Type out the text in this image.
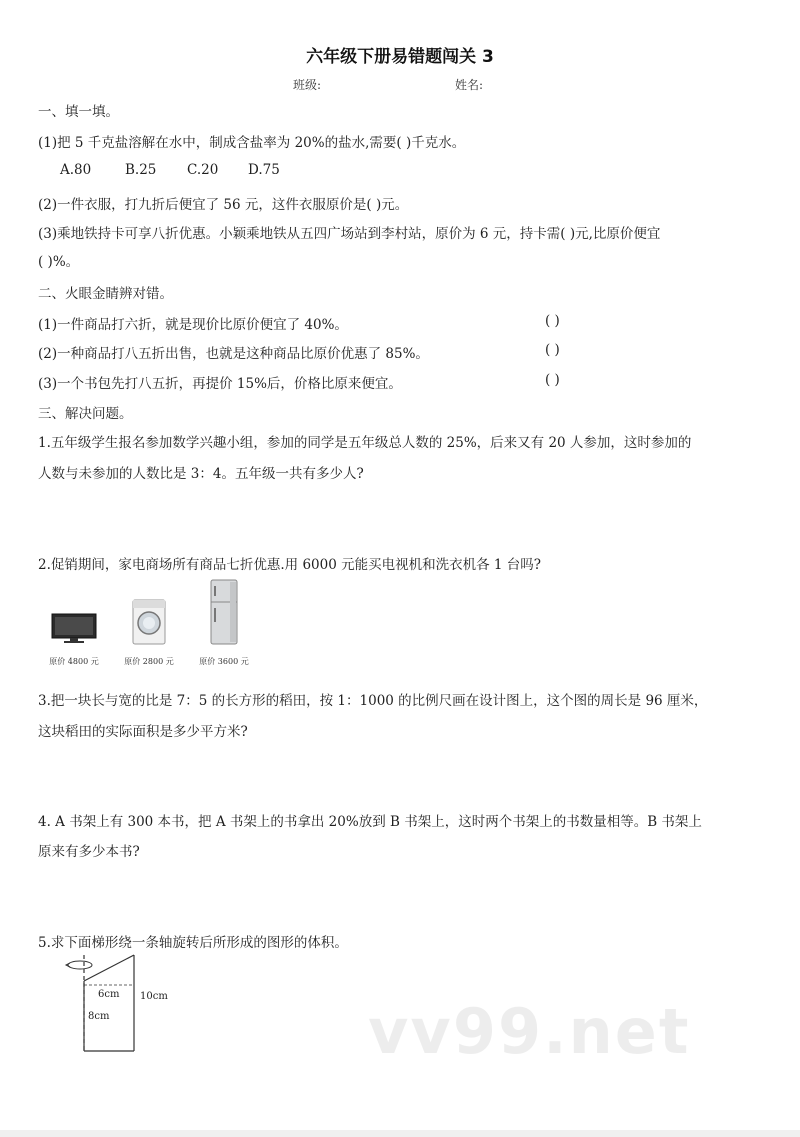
六年级下册易错题闯关 3
班级:	姓名:
一、填一填。
(1)把 5 千克盐溶解在水中，制成含盐率为 20%的盐水,需要( )千克水。
A.80	B.25 C.20 D.75
(2)一件衣服，打九折后便宜了 56 元，这件衣服原价是( )元。
(3)乘地铁持卡可享八折优惠。小颖乘地铁从五四广场站到李村站，原价为 6 元，持卡需( )元,比原价便宜
( )%。
二、火眼金睛辨对错。
(1)一件商品打六折，就是现价比原价便宜了 40%。	( )
(2)一种商品打八五折出售，也就是这种商品比原价优惠了 85%。	( )
(3)一个书包先打八五折，再提价 15%后，价格比原来便宜。	( )
三、解决问题。
1.五年级学生报名参加数学兴趣小组，参加的同学是五年级总人数的 25%，后来又有 20 人参加，这时参加的
人数与未参加的人数比是 3：4。五年级一共有多少人?
2.促销期间，家电商场所有商品七折优惠.用 6000 元能买电视机和洗衣机各 1 台吗?
原价 4800 元	原价 2800 元	原价 3600 元
3.把一块长与宽的比是 7：5 的长方形的稻田，按 1：1000 的比例尺画在设计图上，这个图的周长是 96 厘米，
这块稻田的实际面积是多少平方米?
4. A 书架上有 300 本书，把 A 书架上的书拿出 20%放到 B 书架上，这时两个书架上的书数量相等。B 书架上
原来有多少本书?
5.求下面梯形绕一条轴旋转后所形成的图形的体积。
6cm 10cm
8cm	vv99.net
